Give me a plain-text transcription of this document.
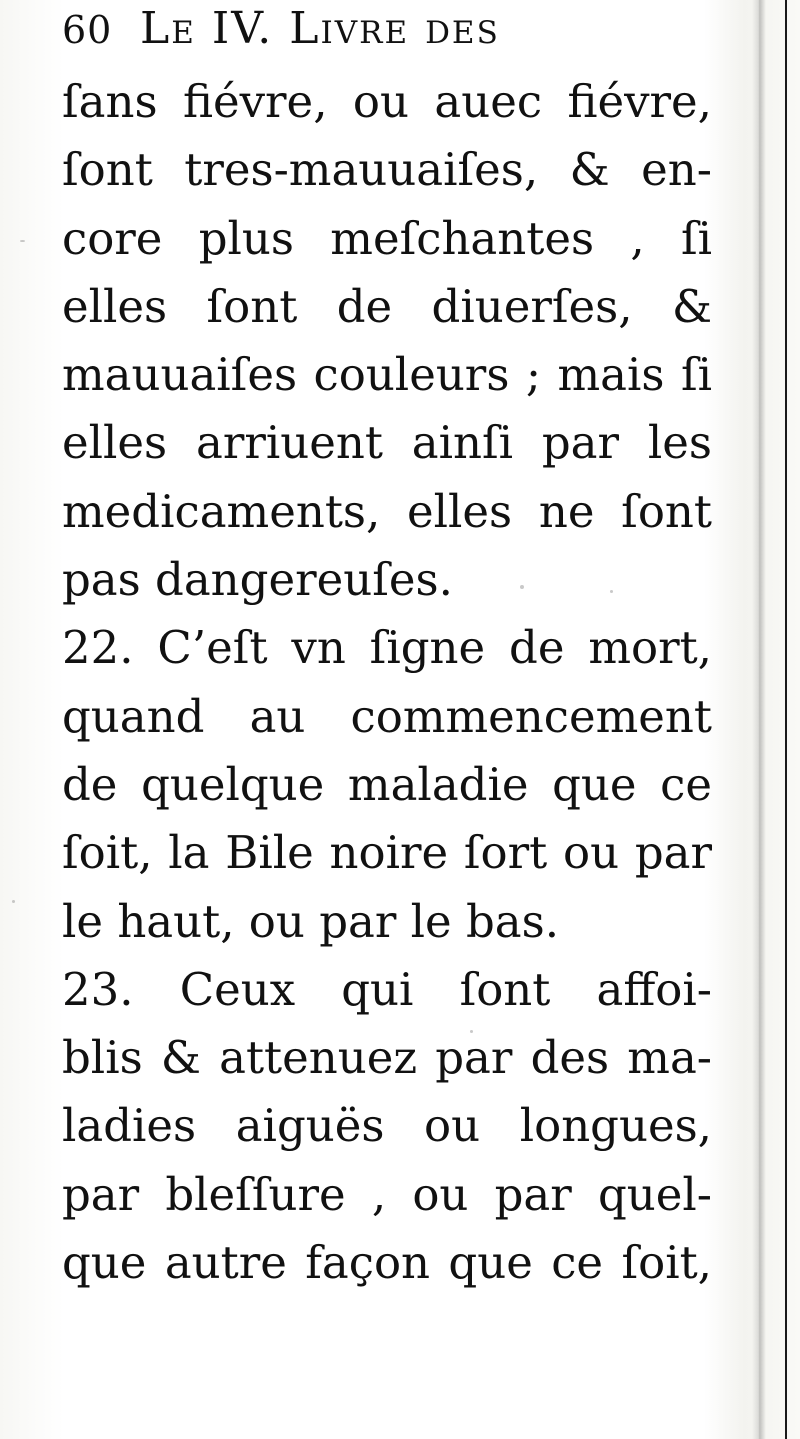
60 Le IV. Livre des
ſans fiévre, ou auec fiévre,
ſont tres-mauuaiſes, & en-
core plus meſchantes , ſi
elles ſont de diuerſes, &
mauuaiſes couleurs ; mais ſi
elles arriuent ainſi par les
medicaments, elles ne ſont
pas dangereuſes.
22. C’eſt vn ſigne de mort,
quand au commencement
de quelque maladie que ce
ſoit, la Bile noire ſort ou par
le haut, ou par le bas.
23. Ceux qui ſont affoi-
blis & attenuez par des ma-
ladies aiguës ou longues,
par bleſſure , ou par quel-
que autre façon que ce ſoit,
